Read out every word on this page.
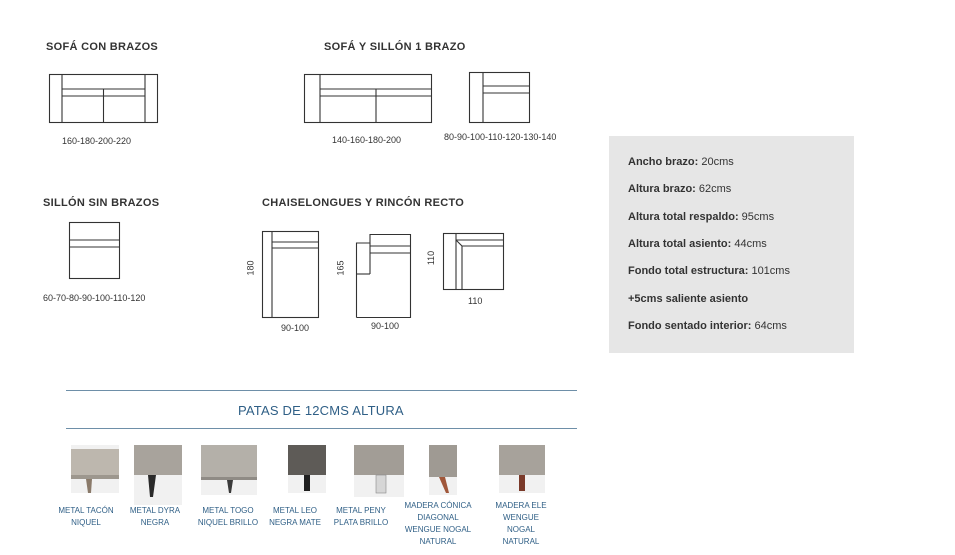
SOFÁ CON BRAZOS
160-180-200-220
SOFÁ Y SILLÓN 1 BRAZO
140-160-180-200	80-90-100-110-120-130-140
SILLÓN SIN BRAZOS
60-70-80-90-100-110-120
CHAISELONGUES Y RINCÓN RECTO
180
90-100
165
90-100
110
110
Ancho brazo: 20cms
Altura brazo: 62cms
Altura total respaldo: 95cms
Altura total asiento: 44cms
Fondo total estructura: 101cms
+5cms saliente asiento
Fondo sentado interior: 64cms
PATAS DE 12CMS ALTURA
METAL TACÓN
NIQUEL
METAL DYRA
NEGRA
METAL TOGO
NIQUEL BRILLO
METAL LEO
NEGRA MATE
METAL PENY
PLATA BRILLO
MADERA CÓNICA
DIAGONAL
WENGUE NOGAL
NATURAL
MADERA ELE
WENGUE
NOGAL
NATURAL
